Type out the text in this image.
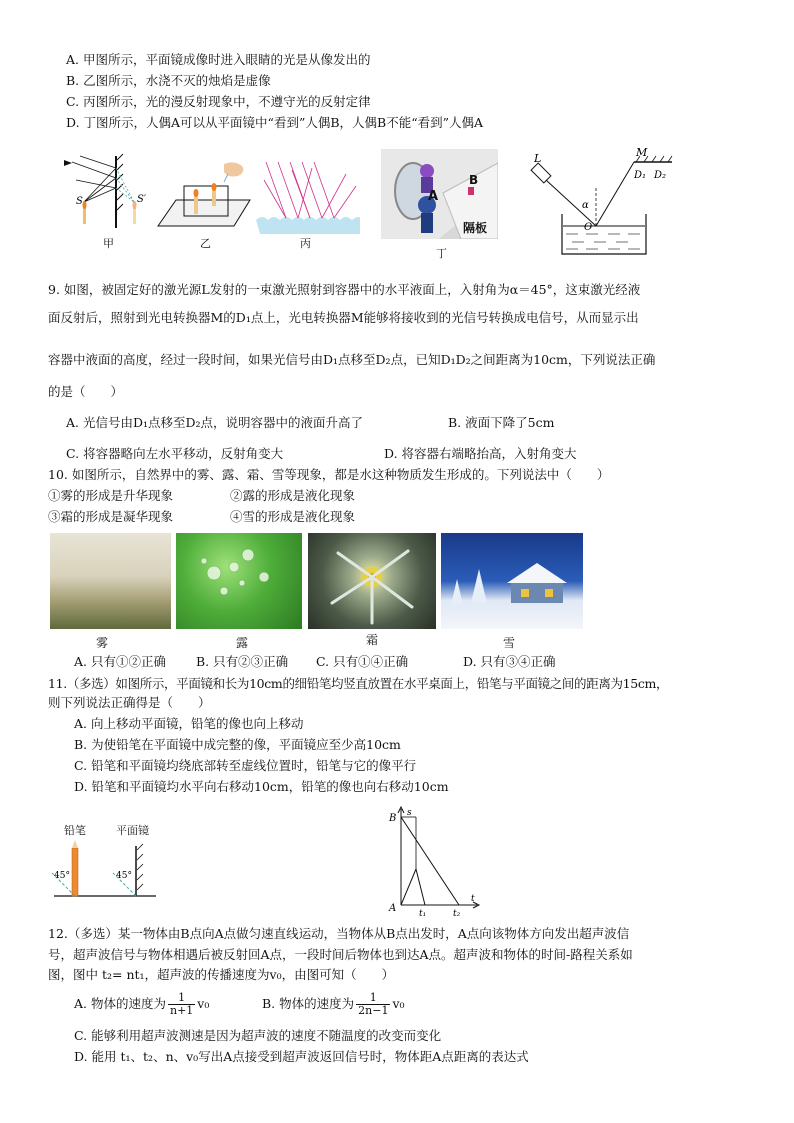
A. 甲图所示，平面镜成像时进入眼睛的光是从像发出的
B. 乙图所示，水浇不灭的烛焰是虚像
C. 丙图所示，光的漫反射现象中，不遵守光的反射定律
D. 丁图所示，人偶A可以从平面镜中“看到”人偶B，人偶B不能“看到”人偶A
S	S′
甲	乙	丙
A
B
隔板
丁
L	M
D₁ D₂
α
O
9. 如图，被固定好的激光源L发射的一束激光照射到容器中的水平液面上，入射角为α＝45°，这束激光经液
面反射后，照射到光电转换器M的D₁点上，光电转换器M能够将接收到的光信号转换成电信号，从而显示出
容器中液面的高度，经过一段时间，如果光信号由D₁点移至D₂点，已知D₁D₂之间距离为10cm，下列说法正确
的是（　　）
A. 光信号由D₁点移至D₂点，说明容器中的液面升高了	B. 液面下降了5cm
C. 将容器略向左水平移动，反射角变大	D. 将容器右端略抬高，入射角变大
10. 如图所示，自然界中的雾、露、霜、雪等现象，都是水这种物质发生形成的。下列说法中（　　）
①雾的形成是升华现象	②露的形成是液化现象
③霜的形成是凝华现象	④雪的形成是液化现象
雾	露	霜	雪
A. 只有①②正确 B. 只有②③正确 C. 只有①④正确	D. 只有③④正确
11.（多选）如图所示，平面镜和长为10cm的细铅笔均竖直放置在水平桌面上，铅笔与平面镜之间的距离为15cm，
则下列说法正确得是（　　）
A. 向上移动平面镜，铅笔的像也向上移动
B. 为使铅笔在平面镜中成完整的像，平面镜应至少高10cm
C. 铅笔和平面镜均绕底部转至虚线位置时，铅笔与它的像平行
D. 铅笔和平面镜均水平向右移动10cm，铅笔的像也向右移动10cm
铅笔	平面镜
45°	45°
B s
A
t
t₁	t₂
12.（多选）某一物体由B点向A点做匀速直线运动，当物体从B点出发时，A点向该物体方向发出超声波信
号，超声波信号与物体相遇后被反射回A点，一段时间后物体也到达A点。超声波和物体的时间-路程关系如
图，图中 t₂= nt₁，超声波的传播速度为v₀，由图可知（　　）
A. 物体的速度为 $\frac{1}{n+1} v_0$	B. 物体的速度为 $\frac{1}{2n-1} v_0$
C. 能够利用超声波测速是因为超声波的速度不随温度的改变而变化
D. 能用 t₁、t₂、n、v₀写出A点接受到超声波返回信号时，物体距A点距离的表达式
